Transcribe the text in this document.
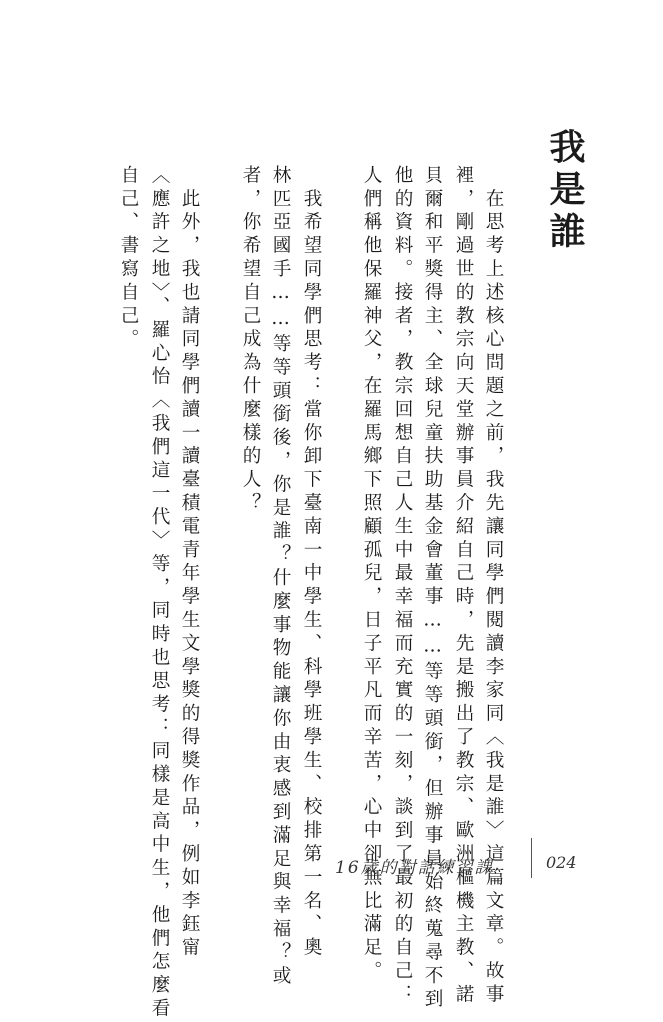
我是誰
　在思考上述核心問題之前，我先讓同學們閱讀李家同〈我是誰〉這篇文章。故事
裡，剛過世的教宗向天堂辦事員介紹自己時，先是搬出了教宗、歐洲樞機主教、諾
貝爾和平獎得主、全球兒童扶助基金會董事……等等頭銜，但辦事員始終蒐尋不到
他的資料。接者，教宗回想自己人生中最幸福而充實的一刻，談到了最初的自己：
人們稱他保羅神父，在羅馬鄉下照顧孤兒，日子平凡而辛苦，心中卻無比滿足。
　我希望同學們思考：當你卸下臺南一中學生、科學班學生、校排第一名、奧
林匹亞國手……等等頭銜後，你是誰？什麼事物能讓你由衷感到滿足與幸福？或
者，你希望自己成為什麼樣的人？
　此外，我也請同學們讀一讀臺積電青年學生文學獎的得獎作品，例如李鈺甯
〈應許之地〉、羅心怡〈我們這一代〉等，同時也思考：同樣是高中生，他們怎麼看
自己、書寫自己。
16歲的對話練習課	024
